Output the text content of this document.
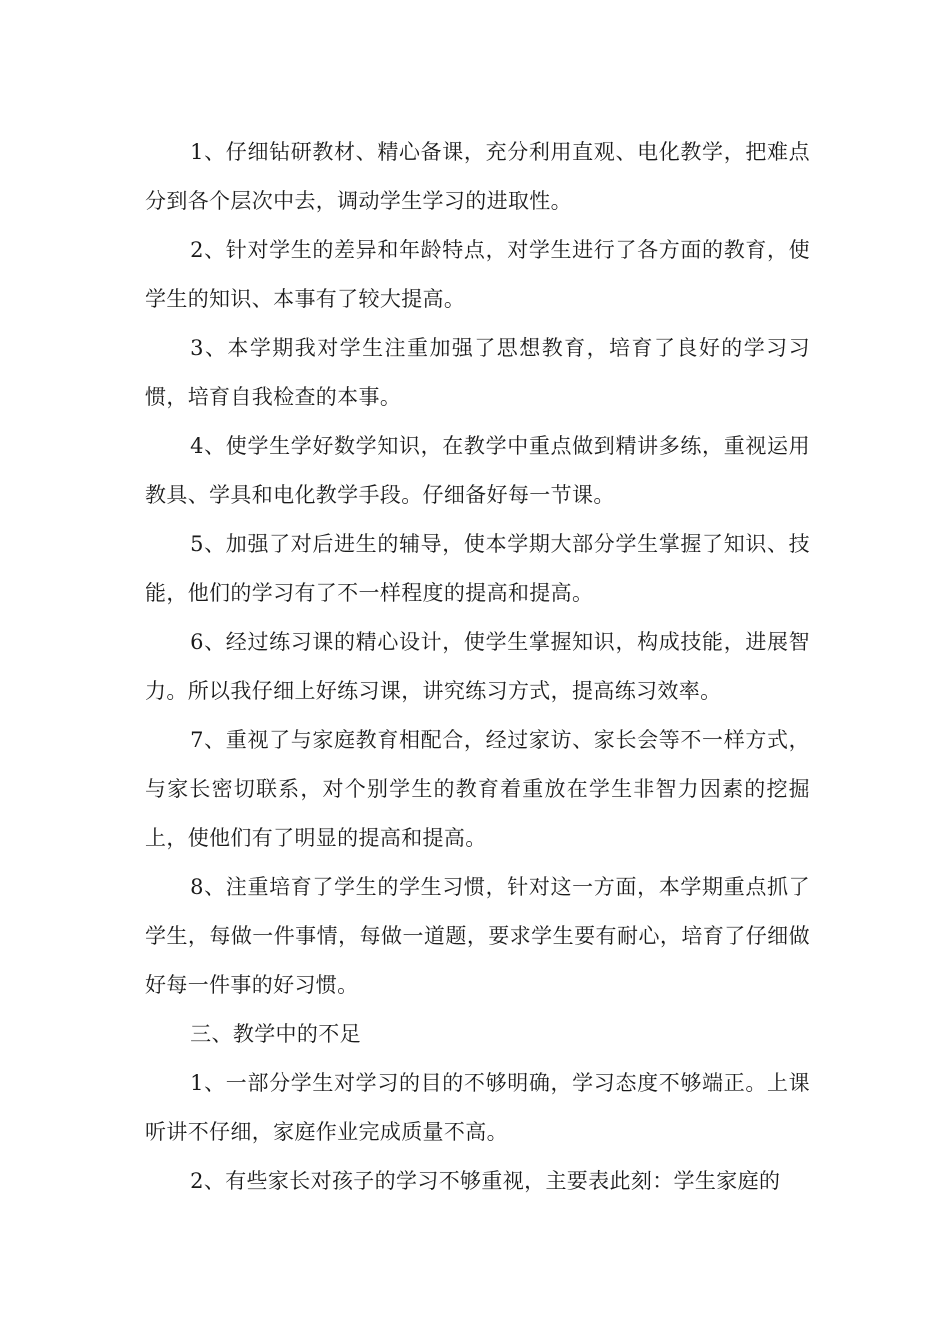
1、仔细钻研教材、精心备课，充分利用直观、电化教学，把难点分到各个层次中去，调动学生学习的进取性。

2、针对学生的差异和年龄特点，对学生进行了各方面的教育，使学生的知识、本事有了较大提高。

3、本学期我对学生注重加强了思想教育，培育了良好的学习习惯，培育自我检查的本事。

4、使学生学好数学知识，在教学中重点做到精讲多练，重视运用教具、学具和电化教学手段。仔细备好每一节课。

5、加强了对后进生的辅导，使本学期大部分学生掌握了知识、技能，他们的学习有了不一样程度的提高和提高。

6、经过练习课的精心设计，使学生掌握知识，构成技能，进展智力。所以我仔细上好练习课，讲究练习方式，提高练习效率。

7、重视了与家庭教育相配合，经过家访、家长会等不一样方式，与家长密切联系，对个别学生的教育着重放在学生非智力因素的挖掘上，使他们有了明显的提高和提高。

8、注重培育了学生的学生习惯，针对这一方面，本学期重点抓了学生，每做一件事情，每做一道题，要求学生要有耐心，培育了仔细做好每一件事的好习惯。

三、教学中的不足

1、一部分学生对学习的目的不够明确，学习态度不够端正。上课听讲不仔细，家庭作业完成质量不高。

2、有些家长对孩子的学习不够重视，主要表此刻：学生家庭的
